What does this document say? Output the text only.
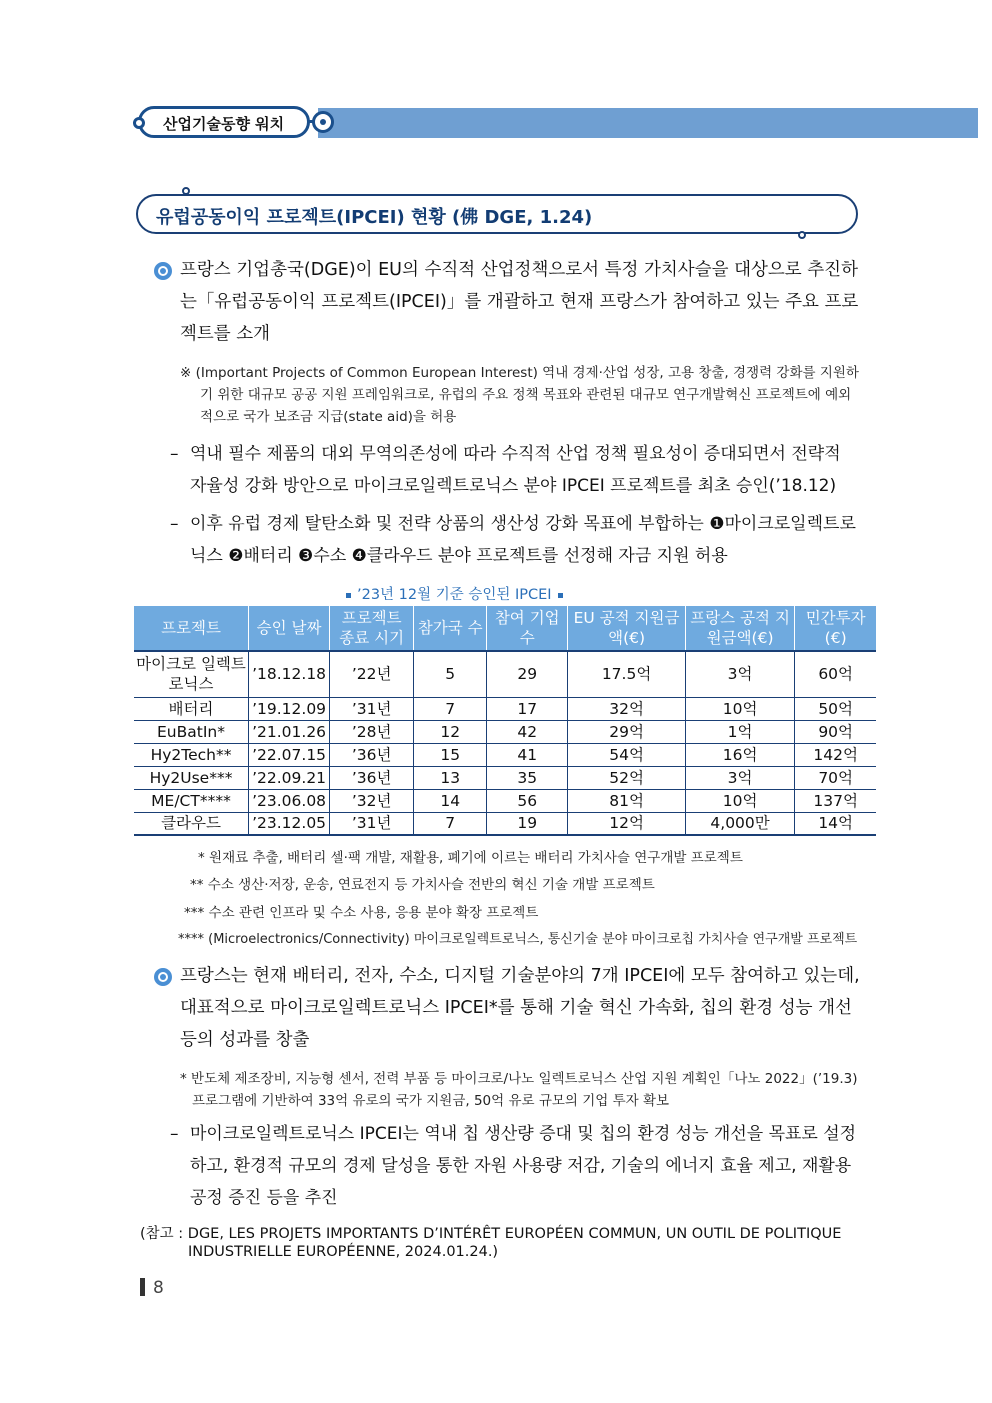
산업기술동향 워치
유럽공동이익 프로젝트(IPCEI) 현황 (佛 DGE, 1.24)
프랑스 기업총국(DGE)이 EU의 수직적 산업정책으로서 특정 가치사슬을 대상으로 추진하는「유럽공동이익 프로젝트(IPCEI)」를 개괄하고 현재 프랑스가 참여하고 있는 주요 프로젝트를 소개
※ (Important Projects of Common European Interest) 역내 경제·산업 성장, 고용 창출, 경쟁력 강화를 지원하기 위한 대규모 공공 지원 프레임워크로, 유럽의 주요 정책 목표와 관련된 대규모 연구개발혁신 프로젝트에 예외적으로 국가 보조금 지급(state aid)을 허용
– 역내 필수 제품의 대외 무역의존성에 따라 수직적 산업 정책 필요성이 증대되면서 전략적 자율성 강화 방안으로 마이크로일렉트로닉스 분야 IPCEI 프로젝트를 최초 승인(’18.12)
– 이후 유럽 경제 탈탄소화 및 전략 상품의 생산성 강화 목표에 부합하는 ❶마이크로일렉트로닉스 ❷배터리 ❸수소 ❹클라우드 분야 프로젝트를 선정해 자금 지원 허용
’23년 12월 기준 승인된 IPCEI
프로젝트	승인 날짜	프로젝트 종료 시기	참가국 수	참여 기업 수	EU 공적 지원금액(€)	프랑스 공적 지원금액(€)	민간투자 (€)
마이크로 일렉트로닉스	’18.12.18	’22년	5	29	17.5억	3억	60억
배터리	’19.12.09	’31년	7	17	32억	10억	50억
EuBatIn*	’21.01.26	’28년	12	42	29억	1억	90억
Hy2Tech**	’22.07.15	’36년	15	41	54억	16억	142억
Hy2Use***	’22.09.21	’36년	13	35	52억	3억	70억
ME/CT****	’23.06.08	’32년	14	56	81억	10억	137억
클라우드	’23.12.05	’31년	7	19	12억	4,000만	14억
* 원재료 추출, 배터리 셀·팩 개발, 재활용, 폐기에 이르는 배터리 가치사슬 연구개발 프로젝트
** 수소 생산·저장, 운송, 연료전지 등 가치사슬 전반의 혁신 기술 개발 프로젝트
*** 수소 관련 인프라 및 수소 사용, 응용 분야 확장 프로젝트
**** (Microelectronics/Connectivity) 마이크로일렉트로닉스, 통신기술 분야 마이크로칩 가치사슬 연구개발 프로젝트
프랑스는 현재 배터리, 전자, 수소, 디지털 기술분야의 7개 IPCEI에 모두 참여하고 있는데, 대표적으로 마이크로일렉트로닉스 IPCEI*를 통해 기술 혁신 가속화, 칩의 환경 성능 개선 등의 성과를 창출
* 반도체 제조장비, 지능형 센서, 전력 부품 등 마이크로/나노 일렉트로닉스 산업 지원 계획인「나노 2022」(’19.3) 프로그램에 기반하여 33억 유로의 국가 지원금, 50억 유로 규모의 기업 투자 확보
– 마이크로일렉트로닉스 IPCEI는 역내 칩 생산량 증대 및 칩의 환경 성능 개선을 목표로 설정하고, 환경적 규모의 경제 달성을 통한 자원 사용량 저감, 기술의 에너지 효율 제고, 재활용 공정 증진 등을 추진
(참고 : DGE, LES PROJETS IMPORTANTS D’INTÉRÊT EUROPÉEN COMMUN, UN OUTIL DE POLITIQUE INDUSTRIELLE EUROPÉENNE, 2024.01.24.)
8
